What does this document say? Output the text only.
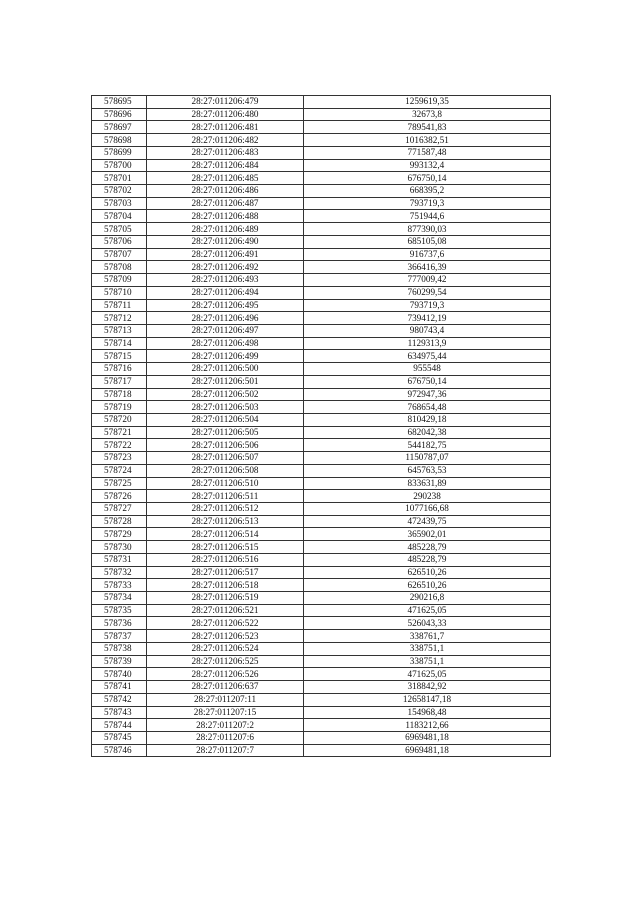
578695	28:27:011206:479	1259619,35
578696	28:27:011206:480	32673,8
578697	28:27:011206:481	789541,83
578698	28:27:011206:482	1016382,51
578699	28:27:011206:483	771587,48
578700	28:27:011206:484	993132,4
578701	28:27:011206:485	676750,14
578702	28:27:011206:486	668395,2
578703	28:27:011206:487	793719,3
578704	28:27:011206:488	751944,6
578705	28:27:011206:489	877390,03
578706	28:27:011206:490	685105,08
578707	28:27:011206:491	916737,6
578708	28:27:011206:492	366416,39
578709	28:27:011206:493	777009,42
578710	28:27:011206:494	760299,54
578711	28:27:011206:495	793719,3
578712	28:27:011206:496	739412,19
578713	28:27:011206:497	980743,4
578714	28:27:011206:498	1129313,9
578715	28:27:011206:499	634975,44
578716	28:27:011206:500	955548
578717	28:27:011206:501	676750,14
578718	28:27:011206:502	972947,36
578719	28:27:011206:503	768654,48
578720	28:27:011206:504	810429,18
578721	28:27:011206:505	682042,38
578722	28:27:011206:506	544182,75
578723	28:27:011206:507	1150787,07
578724	28:27:011206:508	645763,53
578725	28:27:011206:510	833631,89
578726	28:27:011206:511	290238
578727	28:27:011206:512	1077166,68
578728	28:27:011206:513	472439,75
578729	28:27:011206:514	365902,01
578730	28:27:011206:515	485228,79
578731	28:27:011206:516	485228,79
578732	28:27:011206:517	626510,26
578733	28:27:011206:518	626510,26
578734	28:27:011206:519	290216,8
578735	28:27:011206:521	471625,05
578736	28:27:011206:522	526043,33
578737	28:27:011206:523	338761,7
578738	28:27:011206:524	338751,1
578739	28:27:011206:525	338751,1
578740	28:27:011206:526	471625,05
578741	28:27:011206:637	318842,92
578742	28:27:011207:11	12658147,18
578743	28:27:011207:15	154968,48
578744	28:27:011207:2	1183212,66
578745	28:27:011207:6	6969481,18
578746	28:27:011207:7	6969481,18
